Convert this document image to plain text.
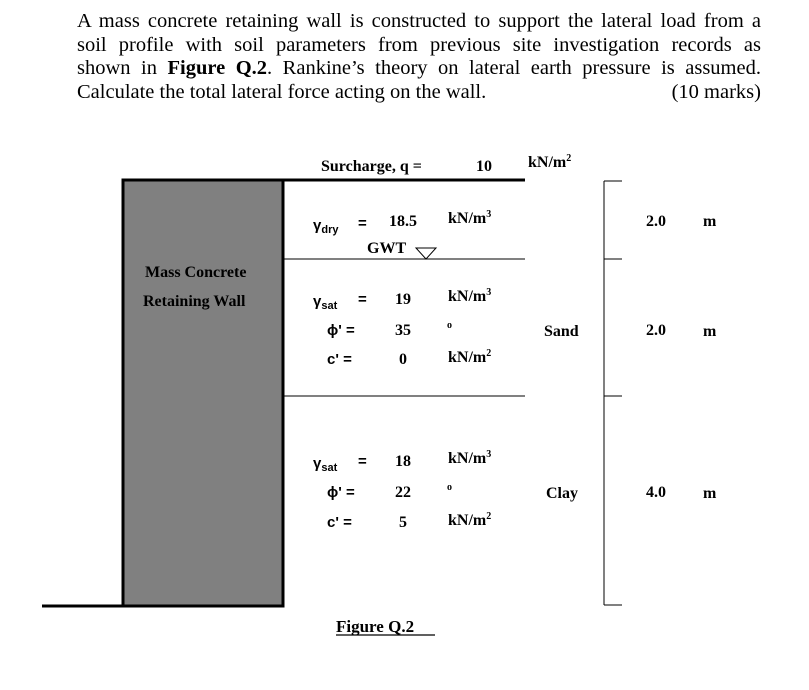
A mass concrete retaining wall is constructed to support the lateral load from a
soil profile with soil parameters from previous site investigation records as
shown in Figure Q.2. Rankine’s theory on lateral earth pressure is assumed.
Calculate the total lateral force acting on the wall.	(10 marks)
Surcharge, q =	10 $kN/m^2$
Mass Concrete
Retaining Wall
$\gamma_{dry} = 18.5$ $kN/m^3$
GWT
2.0 m
$\gamma_{sat} = 19$ $kN/m^3$
ϕ' =	35	o	Sand	2.0 m
c' =	0	$kN/m^2$
$\gamma_{sat} = 18$ $kN/m^3$
ϕ' =	22	o	Clay	4.0 m
c' =	5	$kN/m^2$
Figure Q.2
